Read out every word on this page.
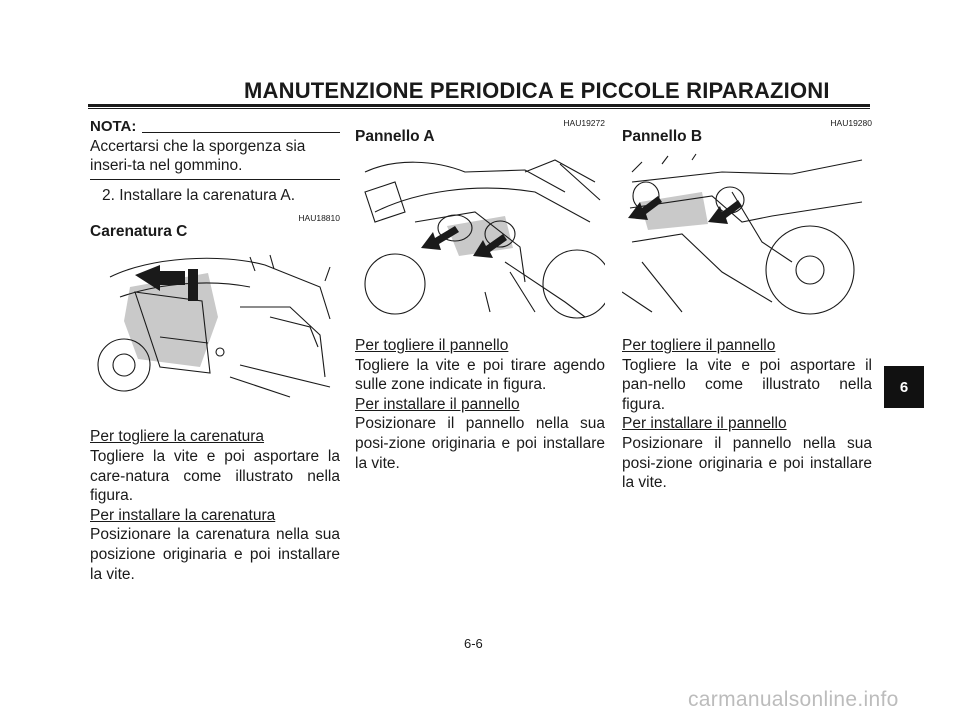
MANUTENZIONE PERIODICA E PICCOLE RIPARAZIONI
NOTA:
Accertarsi che la sporgenza sia inseri-ta nel gommino.
2. Installare la carenatura A.
HAU18810
Carenatura C
Per togliere la carenatura
Togliere la vite e poi asportare la care-natura come illustrato nella figura.
Per installare la carenatura
Posizionare la carenatura nella sua posizione originaria e poi installare la vite.
HAU19272
Pannello A
Per togliere il pannello
Togliere la vite e poi tirare agendo sulle zone indicate in figura.
Per installare il pannello
Posizionare il pannello nella sua posi-zione originaria e poi installare la vite.
HAU19280
Pannello B
Per togliere il pannello
Togliere la vite e poi asportare il pan-nello come illustrato nella figura.
Per installare il pannello
Posizionare il pannello nella sua posi-zione originaria e poi installare la vite.
6
6-6
carmanualsonline.info
